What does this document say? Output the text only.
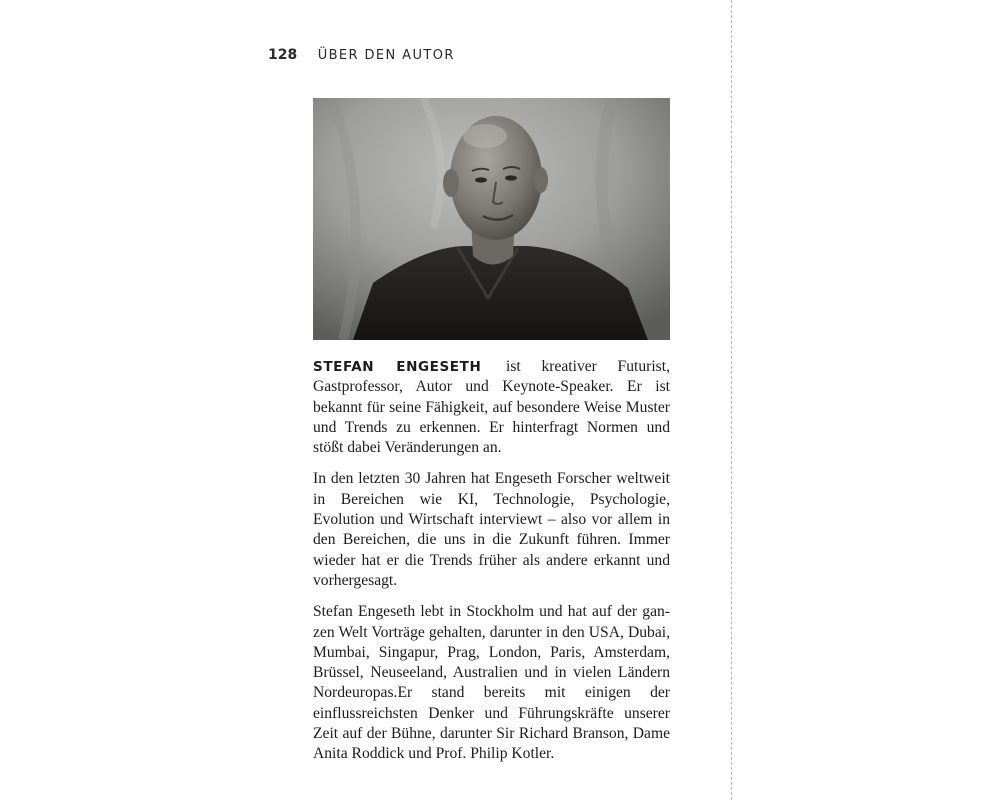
128 ÜBER DEN AUTOR

STEFAN ENGESETH ist kreativer Futurist, Gastprofessor, Autor und Keynote-Speaker. Er ist bekannt für seine Fähigkeit, auf besondere Weise Muster und Trends zu erkennen. Er hinterfragt Normen und stößt dabei Veränderungen an.

In den letzten 30 Jahren hat Engeseth Forscher weltweit in Bereichen wie KI, Technologie, Psychologie, Evolution und Wirtschaft interviewt – also vor allem in den Bereichen, die uns in die Zukunft führen. Immer wieder hat er die Trends früher als andere erkannt und vorhergesagt.

Stefan Engeseth lebt in Stockholm und hat auf der ganzen Welt Vorträge gehalten, darunter in den USA, Dubai, Mumbai, Singapur, Prag, London, Paris, Amsterdam, Brüssel, Neuseeland, Australien und in vielen Ländern Nordeuropas.Er stand bereits mit einigen der einflussreichsten Denker und Führungskräfte unserer Zeit auf der Bühne, darunter Sir Richard Branson, Dame Anita Roddick und Prof. Philip Kotler.
